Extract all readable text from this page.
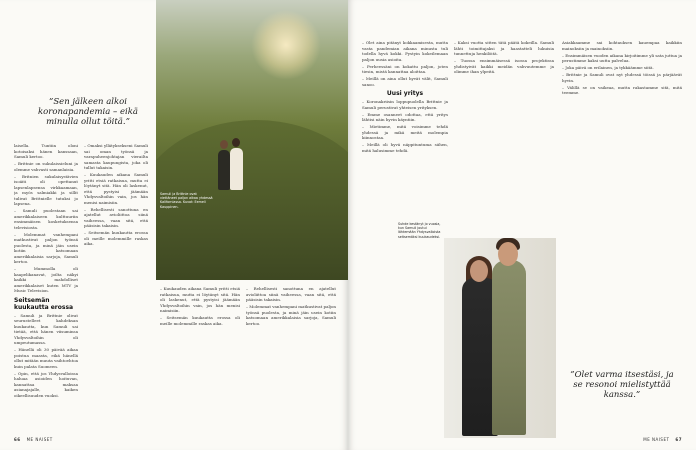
”Sen jälkeen alkoi koronapandemia – eikä minulla ollut töitä.”

laisella. Tuntiin oloni kotoisaksi hänen kanssaan, Samuli kertoo.

– Brittnie on sukulaissieluni ja olemme vahvasti samanlaisia.

– Britnien sukulaisystävien isoäiti oli opettanut lapsenlapsensa virkkaamaan, ja myös salmiakki ja sillit tulivat Brittnielle tutuksi jo lapsena.

– Samuli puolestaan sai amerikkalaiseen kulttuuriin ensimmäisen kosketuksensa televisiosta.

– Molemmat vanhempani matkustivat paljon työnsä puolesta, ja minä jäin usein kotiin katsomaan amerikkalaisia sarjoja, Samuli kertoo.

– Mummolla oli kaapelikanavat, joilta näkyi kaikki mahdolliset amerikkalaiset kuten MTV ja Music Television.

Seitsemän kuukautta erossa

– Samuli ja Brittnie olivat seurustelleet kahdeksan kuukautta, kun Samuli sai tietää, että hänen viisuminsa Yhdysvaltoihin oli umpeutumassa.

– Hänellä oli 30 päivää aikaa poistua maasta, eikä hänellä ollut mitään muuta vaihtoehtoa kuin palata Suomeen.

– Opin, että jos Yhdysvalloissa haluaa asioiden hoituvan, kannattaa maksaa asianajajalle, kaiken oikeellisuuden vuoksi.

– Omaksi yllätyksekseni Samuli sai oman työnsä ja varapuheenjohtajan vierailta samasta kaupungista, joka oli tullut takaisin.

– Kuukauden aikana Samuli yritti etsiä ratkaisua, mutta ei löytänyt sitä. Hän oli laskenut, että pystyisi jäämään Yhdysvaltoihin vain, jos hän menisi naimisiin.

– Rehellisesti sanottuna en ajatellut avioliittoa siinä vaiheessa, vaan sitä, että pääsisin takaisin.

– Seitsemän kuukautta erossa oli meille molemmille raskas aika.

Samuli ja Brittnie ovat viettäneet paljon aikaa yhdessä Kaliforniassa. Kuvat: Eemeli Kauppinen.

– Kuukauden aikana Samuli yritti etsiä ratkaisua, mutta ei löytänyt sitä. Hän oli laskenut, että pystyisi jäämään Yhdysvaltoihin vain, jos hän menisi naimisiin.

– Seitsemän kuukautta erossa oli meille molemmille raskas aika.

– Rehellisesti sanottuna en ajatellut avioliittoa siinä vaiheessa, vaan sitä, että pääsisin takaisin.

– Molemmat vanhempani matkustivat paljon työnsä puolesta, ja minä jäin usein kotiin katsomaan amerikkalaisia sarjoja, Samuli kertoo.

66 ME NAISET

– Olet aina pitänyt kokkaamisesta, mutta vasta pandemian aikana minusta tuli todella hyvä kokki. Pystyin kokeilemaan paljon uusia asioita.

– Perheessäni on kokattu paljon, joten tiesin, mistä kannattaa aloittaa.

– Meillä on aina ollut hyvät välit, Samuli sanoo.

Uusi yritys

– Koronakriisin loppupuolella Brittnie ja Samuli perustivat yhteisen yrityksen.

– Emme osanneet odottaa, että yritys lähtisi näin hyvin käyntiin.

– Mietimme, mitä voisimme tehdä yhdessä ja mikä meitä molempia kiinnostaa.

– Meillä oli hyvä näppituntuma siihen, mitä halusimme tehdä.

– Kaksi vuotta sitten tätä päätä kokeilla. Samuli lähti toimittajaksi ja haastatteli lukuisia tunnettuja henkilöitä.

– Tuossa ensimmäisessä isossa projektissa yhdistyivät kaikki meidän vahvuutemme ja olimme ihan ylpeitä.

Suhde kestänyt jo vuosia, kun Samuli joutui lähtemään Yhdysvalloista seitsemäksi kuukaudeksi.

Asiakkaamme sai kohtauksen kauempaa kaikkiin mainoksiin ja mainoksiin.

– Ensimmäisen vuoden aikana kirjoitimme yli sata juttua ja perustimme kaksi uutta palvelua.

– Joka päivä on erilainen, ja tykkäämme siitä.

– Brittnie ja Samuli ovat nyt yhdessä töissä ja pärjäävät hyvin.

– Välillä se on vaikeaa, mutta rakastamme sitä, mitä teemme.

”Olet varma itsestäsi, ja se resonoi mielistyttää kanssa.”
ME NAISET 67
